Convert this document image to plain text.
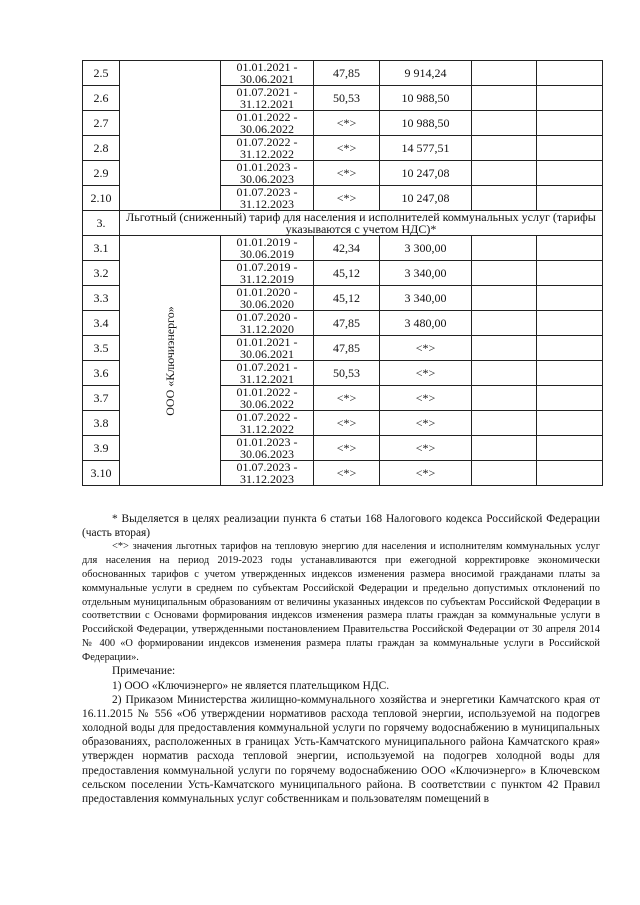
2.5		01.01.2021 -
30.06.2021	47,85	9 914,24		
2.6		01.07.2021 -
31.12.2021	50,53	10 988,50		
2.7		01.01.2022 -
30.06.2022	<*>	10 988,50		
2.8		01.07.2022 -
31.12.2022	<*>	14 577,51		
2.9		01.01.2023 -
30.06.2023	<*>	10 247,08		
2.10		01.07.2023 -
31.12.2023	<*>	10 247,08		
3.	Льготный (сниженный) тариф для населения и исполнителей коммунальных услуг (тарифы указываются с учетом НДС)*					
3.1	ООО «Ключиэнерго»	01.01.2019 -
30.06.2019	42,34	3 300,00		
3.2		01.07.2019 -
31.12.2019	45,12	3 340,00		
3.3		01.01.2020 -
30.06.2020	45,12	3 340,00		
3.4		01.07.2020 -
31.12.2020	47,85	3 480,00		
3.5		01.01.2021 -
30.06.2021	47,85	<*>		
3.6		01.07.2021 -
31.12.2021	50,53	<*>		
3.7		01.01.2022 -
30.06.2022	<*>	<*>		
3.8		01.07.2022 -
31.12.2022	<*>	<*>		
3.9		01.01.2023 -
30.06.2023	<*>	<*>		
3.10		01.07.2023 -
31.12.2023	<*>	<*>		

* Выделяется в целях реализации пункта 6 статьи 168 Налогового кодекса Российской Федерации (часть вторая)

<*> значения льготных тарифов на тепловую энергию для населения и исполнителям коммунальных услуг для населения на период 2019-2023 годы устанавливаются при ежегодной корректировке экономически обоснованных тарифов с учетом утвержденных индексов изменения размера вносимой гражданами платы за коммунальные услуги в среднем по субъектам Российской Федерации и предельно допустимых отклонений по отдельным муниципальным образованиям от величины указанных индексов по субъектам Российской Федерации в соответствии с Основами формирования индексов изменения размера платы граждан за коммунальные услуги в Российской Федерации, утвержденными постановлением Правительства Российской Федерации от 30 апреля 2014 № 400 «О формировании индексов изменения размера платы граждан за коммунальные услуги в Российской Федерации».

Примечание:

1) ООО «Ключиэнерго» не является плательщиком НДС.

2) Приказом Министерства жилищно-коммунального хозяйства и энергетики Камчатского края от 16.11.2015 № 556 «Об утверждении нормативов расхода тепловой энергии, используемой на подогрев холодной воды для предоставления коммунальной услуги по горячему водоснабжению в муниципальных образованиях, расположенных в границах Усть-Камчатского муниципального района Камчатского края» утвержден норматив расхода тепловой энергии, используемой на подогрев холодной воды для предоставления коммунальной услуги по горячему водоснабжению ООО «Ключиэнерго» в Ключевском сельском поселении Усть-Камчатского муниципального района. В соответствии с пунктом 42 Правил предоставления коммунальных услуг собственникам и пользователям помещений в
